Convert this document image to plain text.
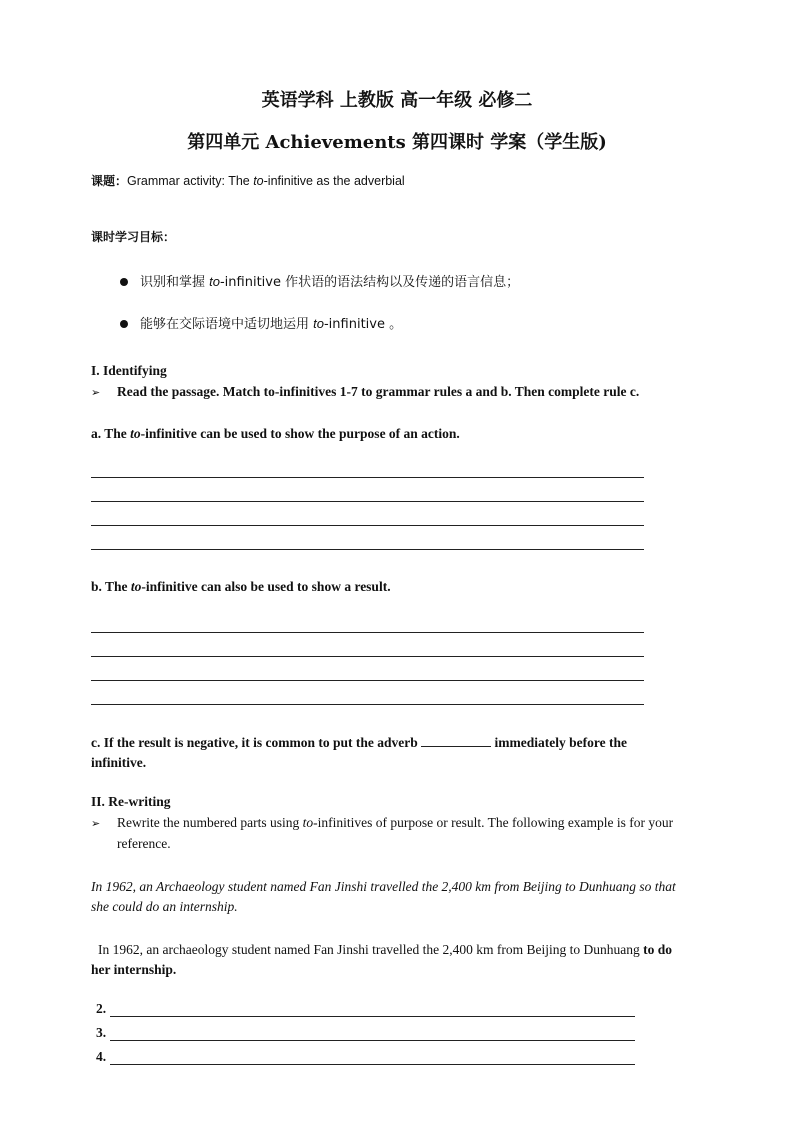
英语学科 上教版 高一年级 必修二
第四单元 Achievements 第四课时 学案（学生版)
课题：Grammar activity: The to-infinitive as the adverbial
课时学习目标：
识别和掌握 to-infinitive 作状语的语法结构以及传递的语言信息；
能够在交际语境中适切地运用 to-infinitive 。
I. Identifying
➢ Read the passage. Match to-infinitives 1-7 to grammar rules a and b. Then complete rule c.
a. The to-infinitive can be used to show the purpose of an action.
b. The to-infinitive can also be used to show a result.
c. If the result is negative, it is common to put the adverb	immediately before the
infinitive.
II. Re-writing
➢ Rewrite the numbered parts using to-infinitives of purpose or result. The following example is for your
reference.
In 1962, an Archaeology student named Fan Jinshi travelled the 2,400 km from Beijing to Dunhuang so that
she could do an internship.
In 1962, an archaeology student named Fan Jinshi travelled the 2,400 km from Beijing to Dunhuang to do
her internship.
2.
3.
4.
